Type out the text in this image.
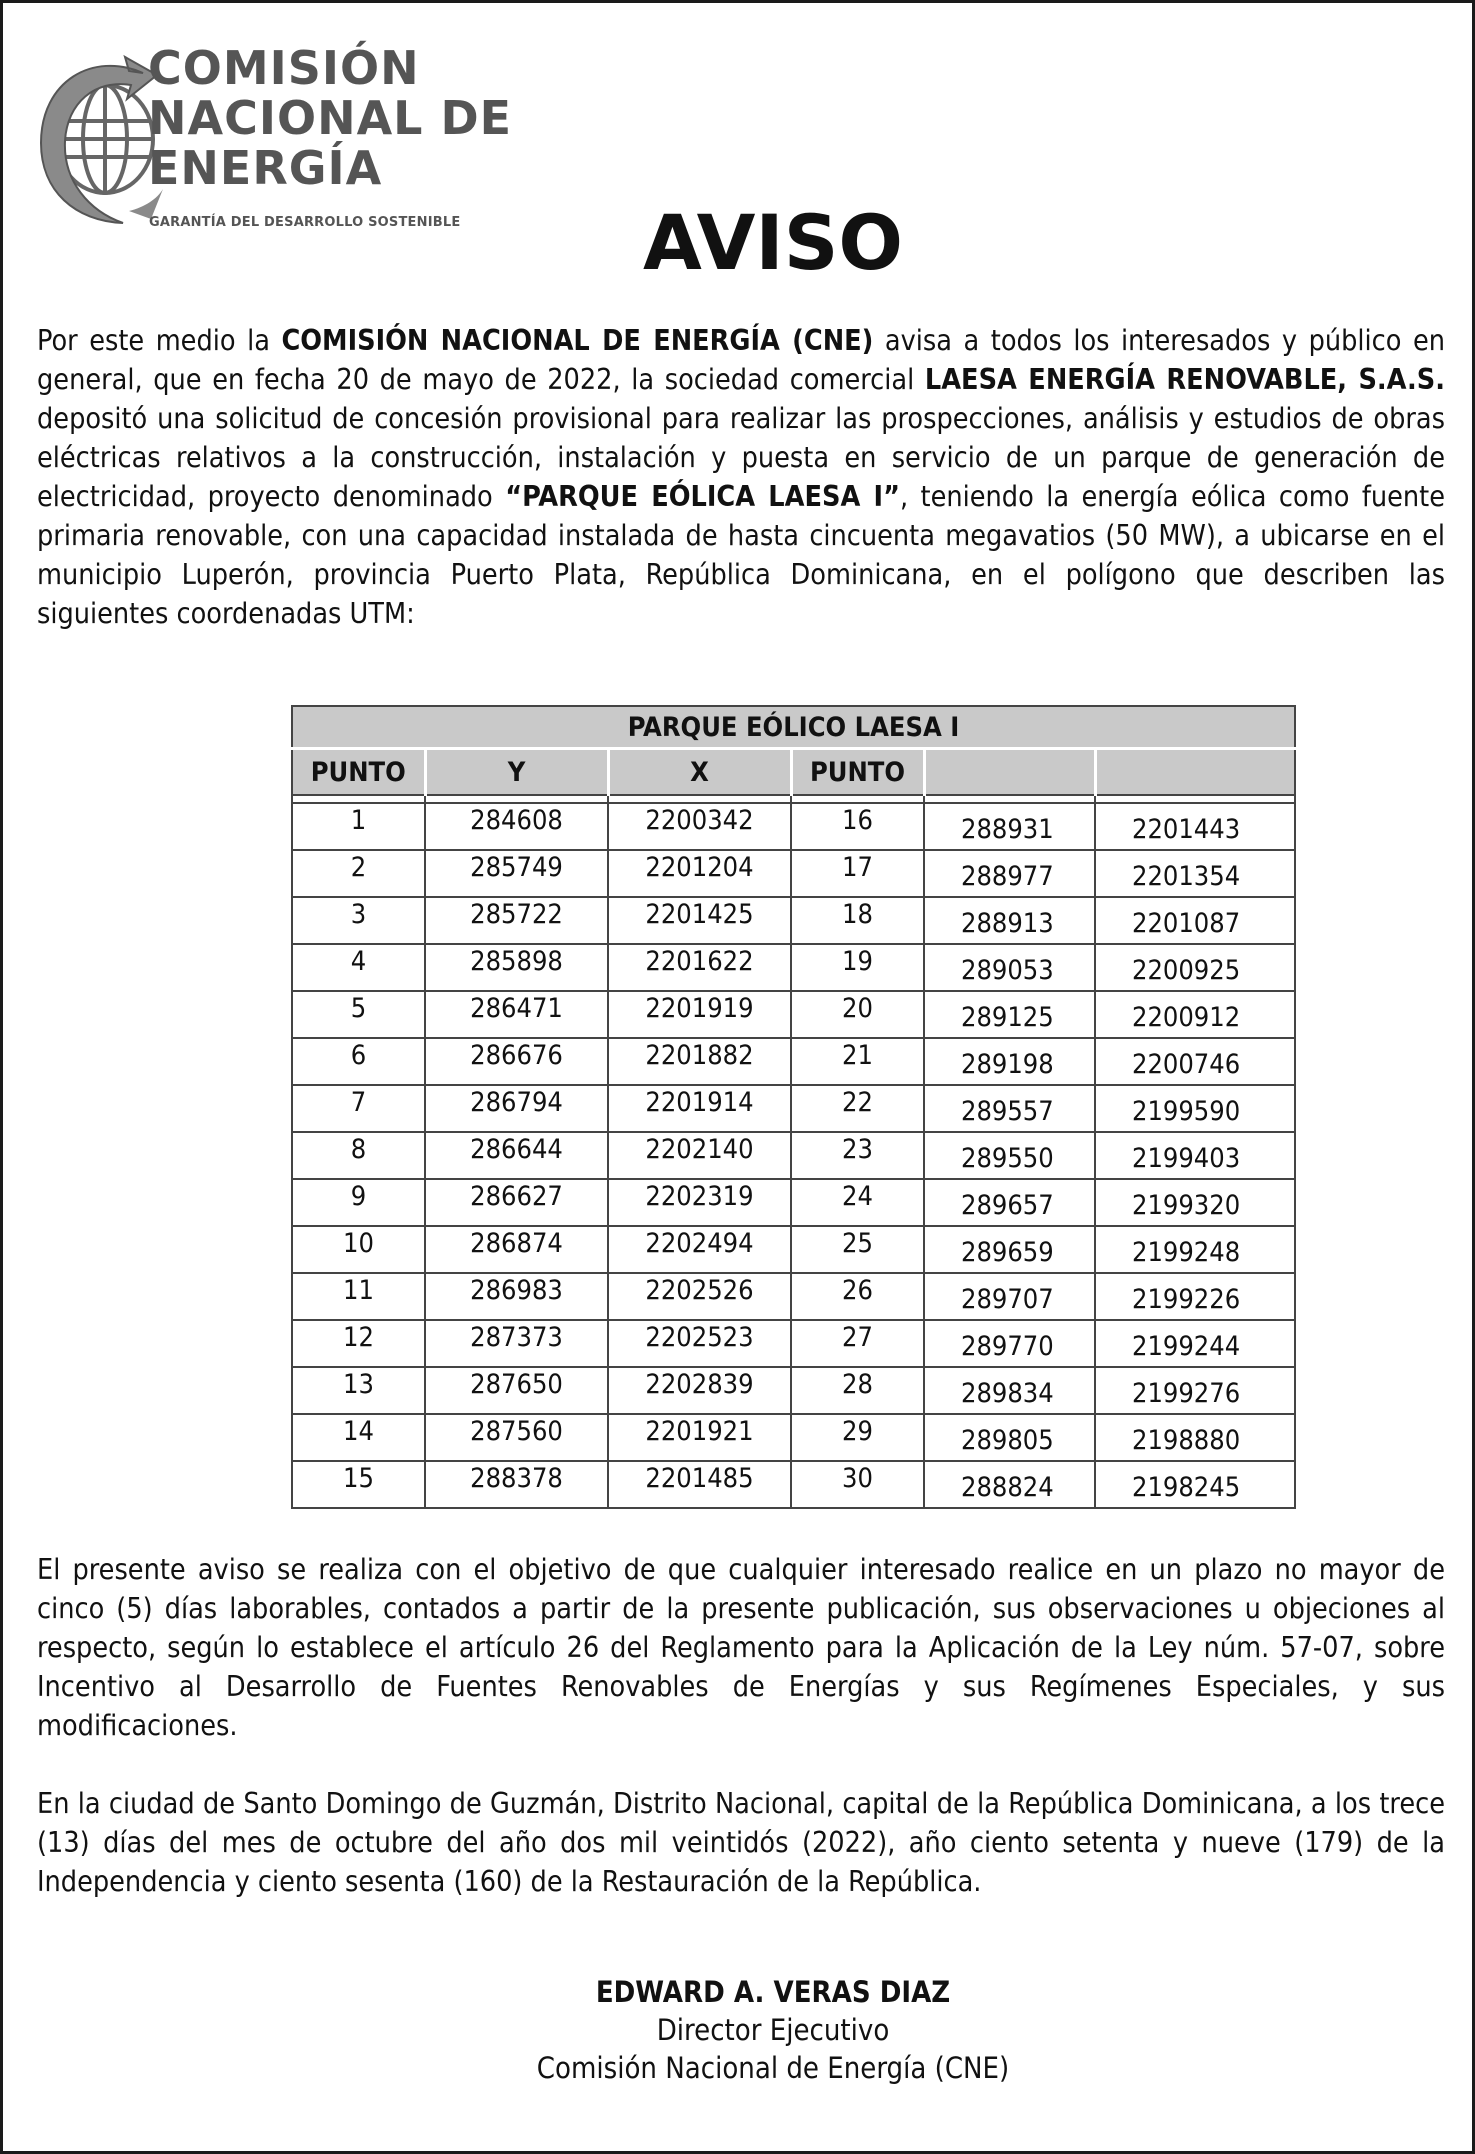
COMISIÓN
NACIONAL DE
ENERGÍA
GARANTÍA DEL DESARROLLO SOSTENIBLE	AVISO
Por este medio la COMISIÓN NACIONAL DE ENERGÍA (CNE) avisa a todos los interesados y público en general, que en fecha 20 de mayo de 2022, la sociedad comercial LAESA ENERGÍA RENOVABLE, S.A.S. depositó una solicitud de concesión provisional para realizar las prospecciones, análisis y estudios de obras eléctricas relativos a la construcción, instalación y puesta en servicio de un parque de generación de electricidad, proyecto denominado “PARQUE EÓLICA LAESA I”, teniendo la energía eólica como fuente primaria renovable, con una capacidad instalada de hasta cincuenta megavatios (50 MW), a ubicarse en el municipio Luperón, provincia Puerto Plata, República Dominicana, en el polígono que describen las siguientes coordenadas UTM:
PARQUE EÓLICO LAESA I					
PUNTO	Y	X	PUNTO		

1	284608	2200342	16	288931	2201443
2	285749	2201204	17	288977	2201354
3	285722	2201425	18	288913	2201087
4	285898	2201622	19	289053	2200925
5	286471	2201919	20	289125	2200912
6	286676	2201882	21	289198	2200746
7	286794	2201914	22	289557	2199590
8	286644	2202140	23	289550	2199403
9	286627	2202319	24	289657	2199320
10	286874	2202494	25	289659	2199248
11	286983	2202526	26	289707	2199226
12	287373	2202523	27	289770	2199244
13	287650	2202839	28	289834	2199276
14	287560	2201921	29	289805	2198880
15	288378	2201485	30	288824	2198245
El presente aviso se realiza con el objetivo de que cualquier interesado realice en un plazo no mayor de cinco (5) días laborables, contados a partir de la presente publicación, sus observaciones u objeciones al respecto, según lo establece el artículo 26 del Reglamento para la Aplicación de la Ley núm. 57-07, sobre Incentivo al Desarrollo de Fuentes Renovables de Energías y sus Regímenes Especiales, y sus modificaciones.
En la ciudad de Santo Domingo de Guzmán, Distrito Nacional, capital de la República Dominicana, a los trece (13) días del mes de octubre del año dos mil veintidós (2022), año ciento setenta y nueve (179) de la Independencia y ciento sesenta (160) de la Restauración de la República.
EDWARD A. VERAS DIAZ
Director Ejecutivo
Comisión Nacional de Energía (CNE)
